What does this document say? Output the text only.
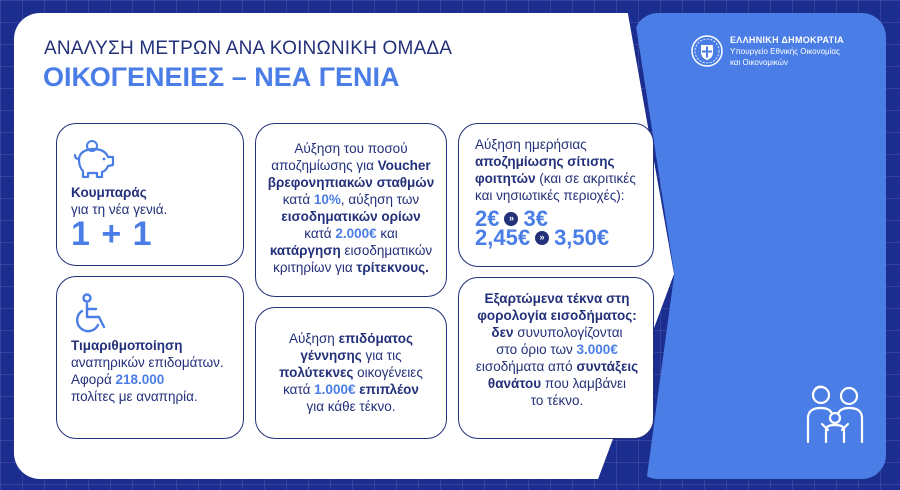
ΑΝΑΛΥΣΗ ΜΕΤΡΩΝ ΑΝΑ ΚΟΙΝΩΝΙΚΗ ΟΜΑΔΑ
ΟΙΚΟΓΕΝΕΙΕΣ – ΝΕΑ ΓΕΝΙΑ
ΕΛΛΗΝΙΚΗ ΔΗΜΟΚΡΑΤΙΑ
Υπουργείο Εθνικής Οικονομίας
και Οικονομικών
Κουμπαράς
για τη νέα γενιά.
1 + 1
Τιμαριθμοποίηση
αναπηρικών επιδομάτων.
Αφορά 218.000
πολίτες με αναπηρία.
Αύξηση του ποσού
αποζημίωσης για Voucher
βρεφονηπιακών σταθμών
κατά 10%, αύξηση των
εισοδηματικών ορίων
κατά 2.000€ και
κατάργηση εισοδηματικών
κριτηρίων για τρίτεκνους.
Αύξηση επιδόματος
γέννησης για τις
πολύτεκνες οικογένειες
κατά 1.000€ επιπλέον
για κάθε τέκνο.
Αύξηση ημερήσιας
αποζημίωσης σίτισης
φοιτητών (και σε ακριτικές
και νησιωτικές περιοχές):
2€	» 3€
2,45€	» 3,50€
Εξαρτώμενα τέκνα στη
φορολογία εισοδήματος:
δεν συνυπολογίζονται
στο όριο των 3.000€
εισοδήματα από συντάξεις
θανάτου που λαμβάνει
το τέκνο.
